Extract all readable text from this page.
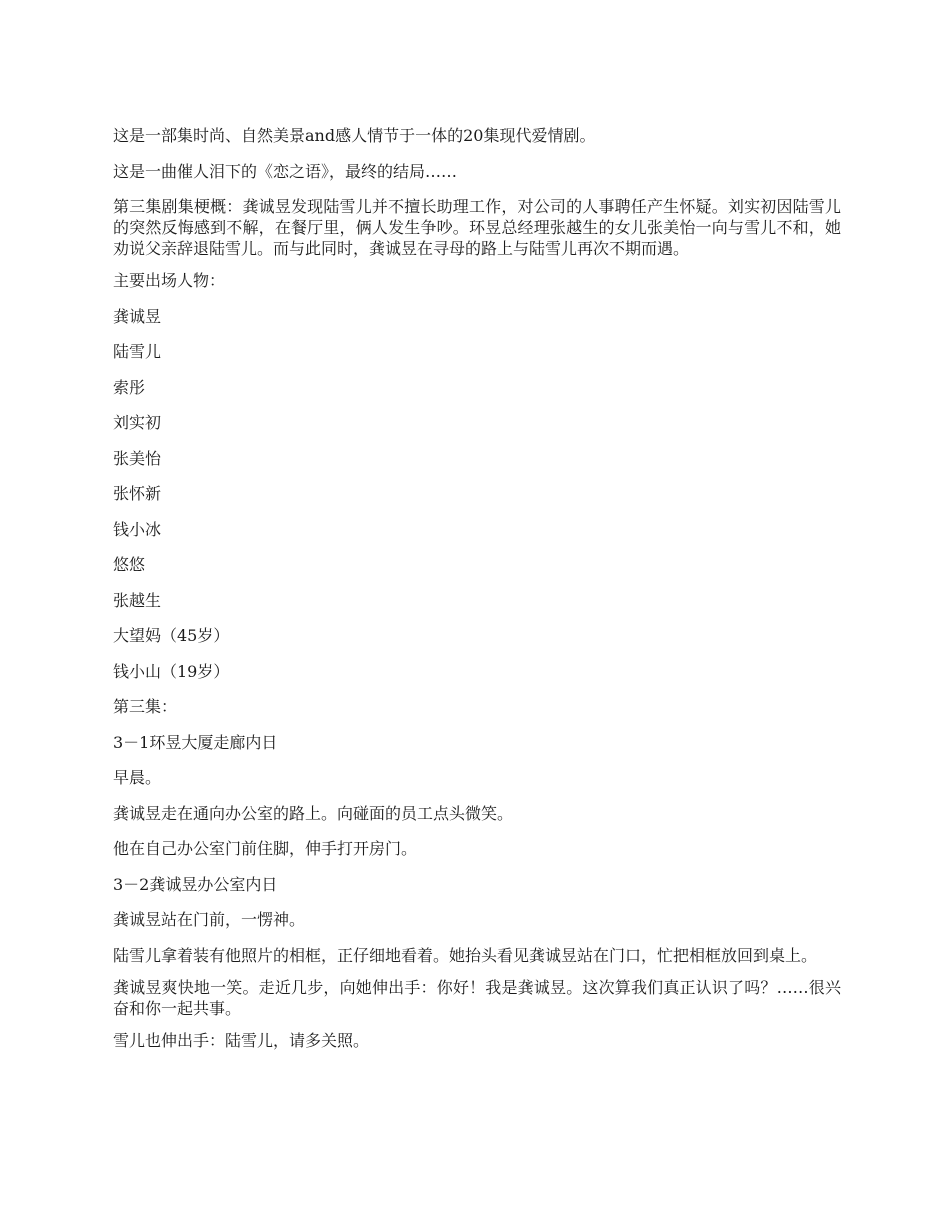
这是一部集时尚、自然美景and感人情节于一体的20集现代爱情剧。

这是一曲催人泪下的《恋之语》，最终的结局……

第三集剧集梗概：龚诚昱发现陆雪儿并不擅长助理工作，对公司的人事聘任产生怀疑。刘实初因陆雪儿的突然反悔感到不解，在餐厅里，俩人发生争吵。环昱总经理张越生的女儿张美怡一向与雪儿不和，她劝说父亲辞退陆雪儿。而与此同时，龚诚昱在寻母的路上与陆雪儿再次不期而遇。

主要出场人物：

龚诚昱

陆雪儿

索彤

刘实初

张美怡

张怀新

钱小冰

悠悠

张越生

大望妈（45岁）

钱小山（19岁）

第三集：

3－1环昱大厦走廊内日

早晨。

龚诚昱走在通向办公室的路上。向碰面的员工点头微笑。

他在自己办公室门前住脚，伸手打开房门。

3－2龚诚昱办公室内日

龚诚昱站在门前，一愣神。

陆雪儿拿着装有他照片的相框，正仔细地看着。她抬头看见龚诚昱站在门口，忙把相框放回到桌上。

龚诚昱爽快地一笑。走近几步，向她伸出手：你好！我是龚诚昱。这次算我们真正认识了吗？……很兴奋和你一起共事。

雪儿也伸出手：陆雪儿，请多关照。
